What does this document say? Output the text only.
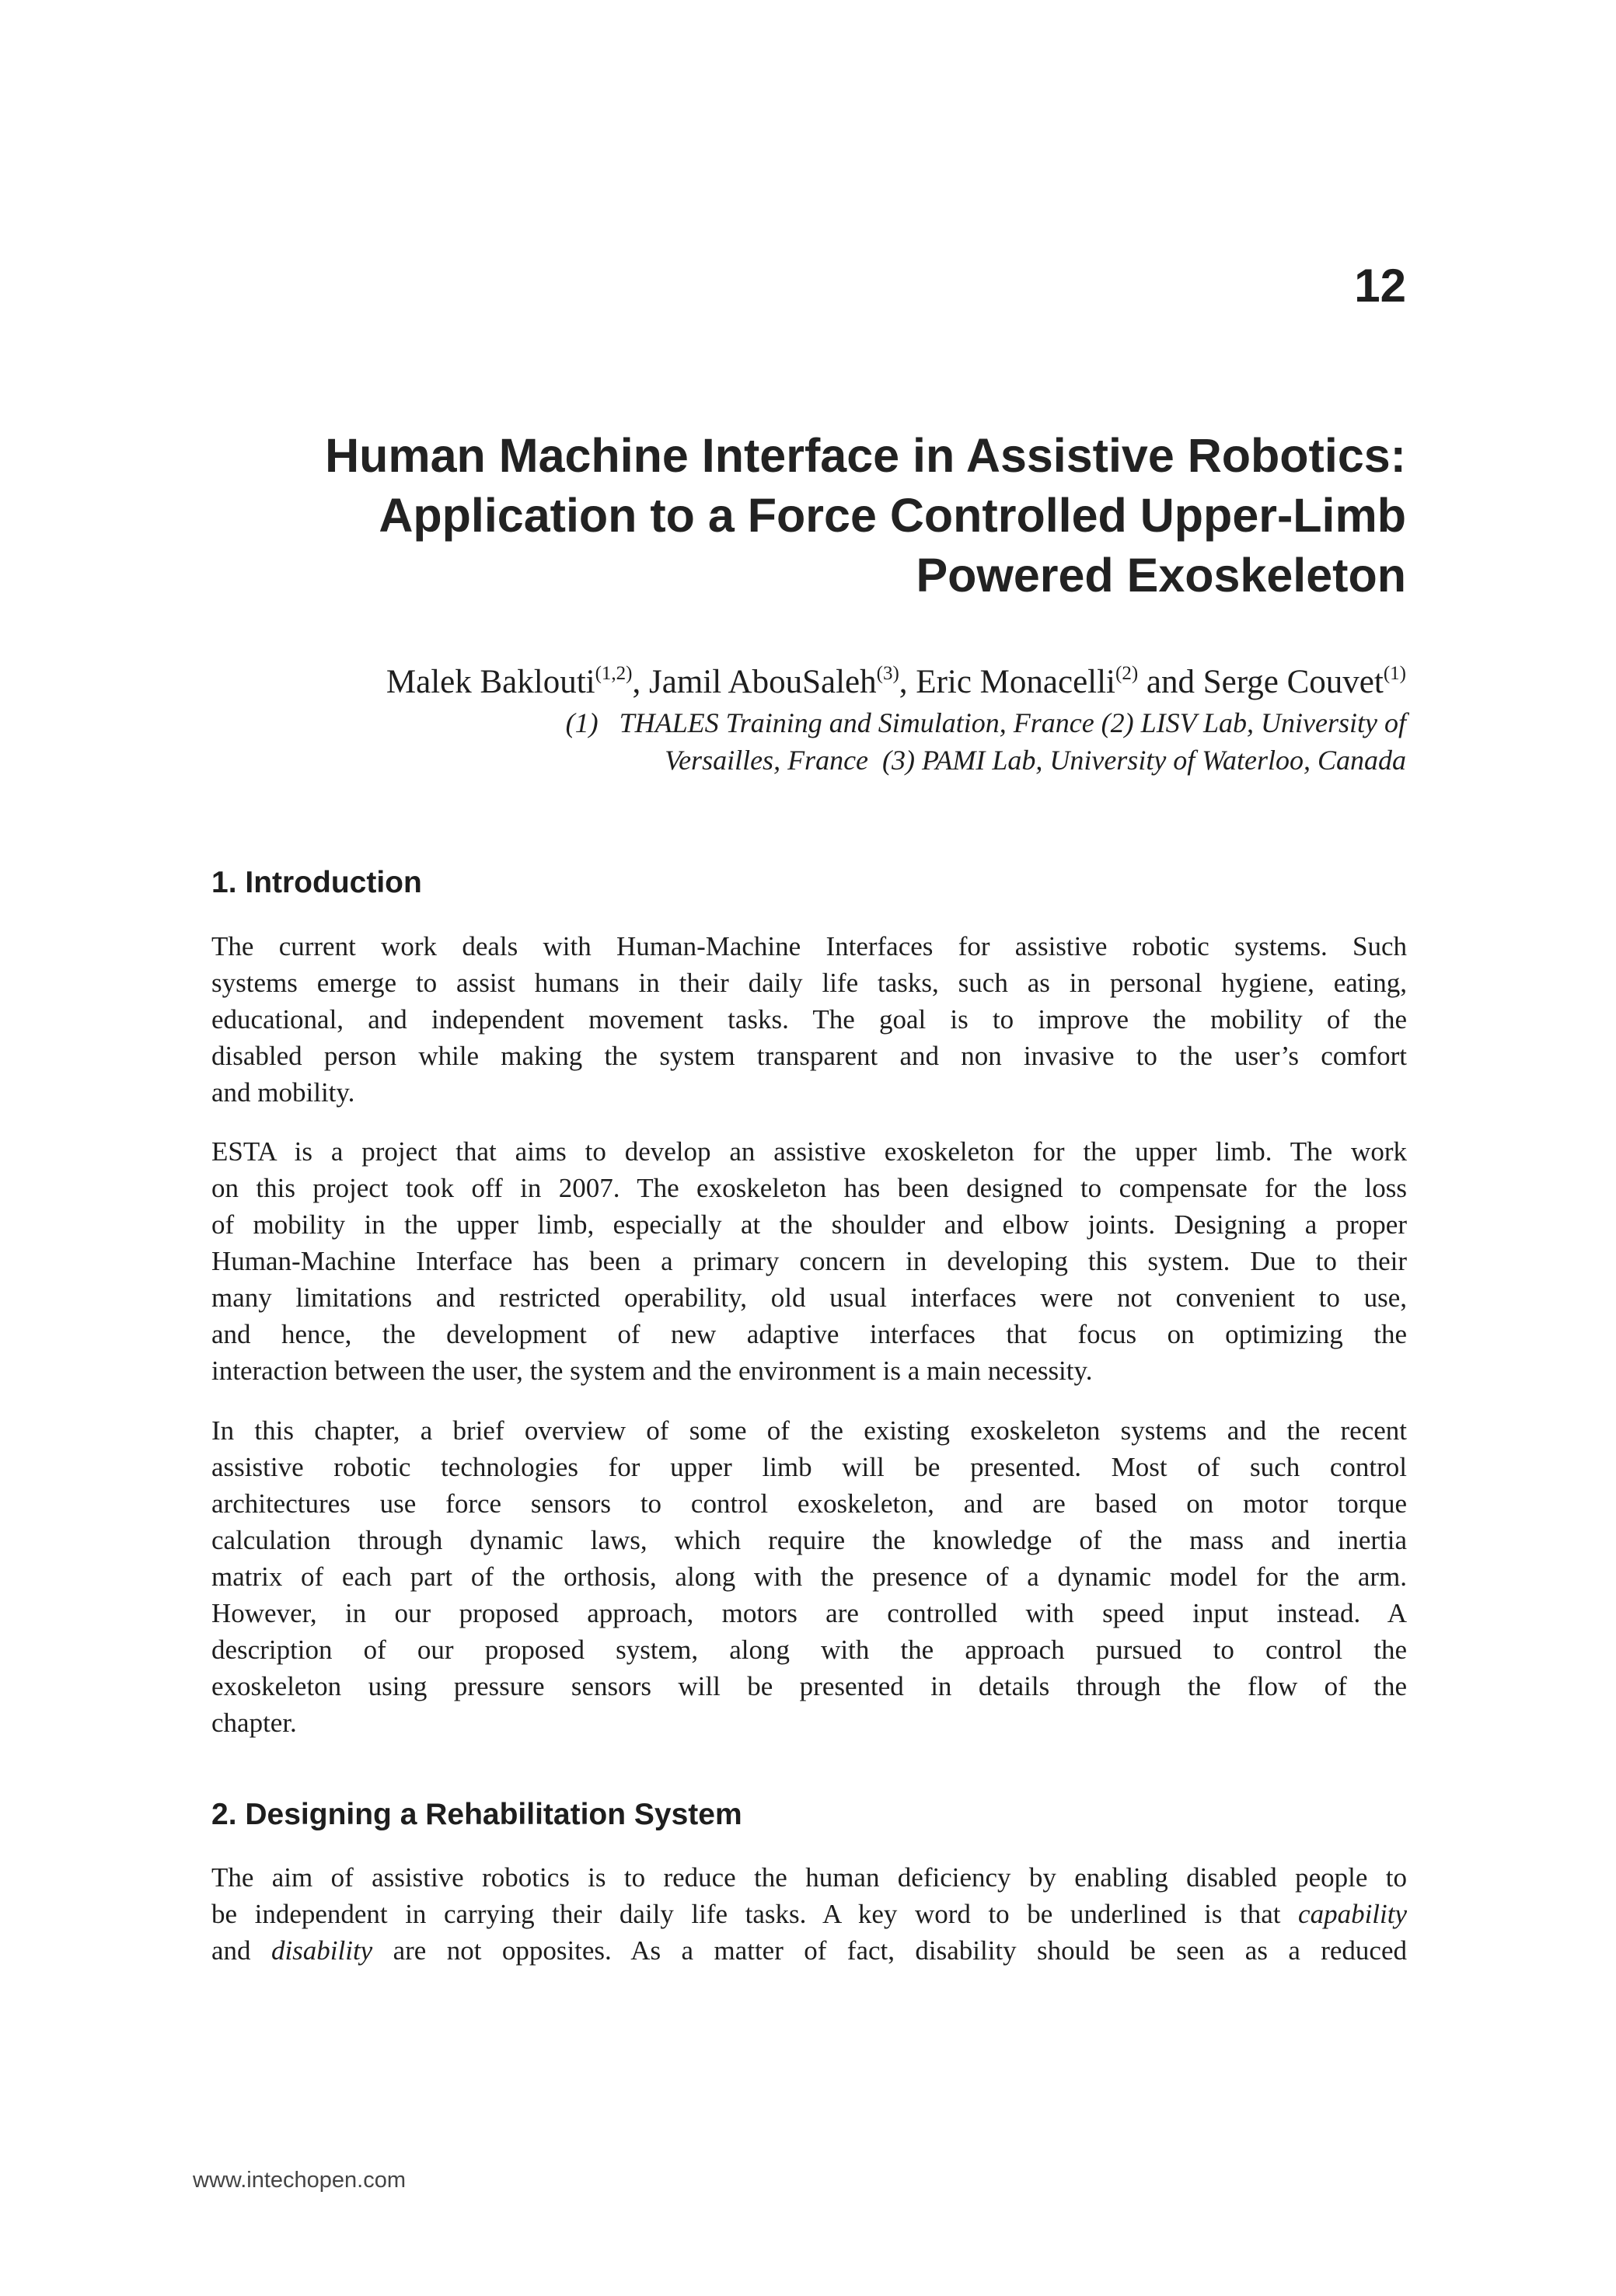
12
Human Machine Interface in Assistive Robotics:
Application to a Force Controlled Upper-Limb
Powered Exoskeleton
Malek Baklouti$^{(1,2)}$, Jamil AbouSaleh$^{(3)}$, Eric Monacelli$^{(2)}$ and Serge Couvet$^{(1)}$
(1)   THALES Training and Simulation, France (2) LISV Lab, University of
Versailles, France  (3) PAMI Lab, University of Waterloo, Canada
1. Introduction
The current work deals with Human-Machine Interfaces for assistive robotic systems. Such
systems emerge to assist humans in their daily life tasks, such as in personal hygiene, eating,
educational, and independent movement tasks. The goal is to improve the mobility of the
disabled person while making the system transparent and non invasive to the user’s comfort
and mobility.
ESTA is a project that aims to develop an assistive exoskeleton for the upper limb. The work
on this project took off in 2007. The exoskeleton has been designed to compensate for the loss
of mobility in the upper limb, especially at the shoulder and elbow joints. Designing a proper
Human-Machine Interface has been a primary concern in developing this system. Due to their
many limitations and restricted operability, old usual interfaces were not convenient to use,
and hence, the development of new adaptive interfaces that focus on optimizing the
interaction between the user, the system and the environment is a main necessity.
In this chapter, a brief overview of some of the existing exoskeleton systems and the recent
assistive robotic technologies for upper limb will be presented. Most of such control
architectures use force sensors to control exoskeleton, and are based on motor torque
calculation through dynamic laws, which require the knowledge of the mass and inertia
matrix of each part of the orthosis, along with the presence of a dynamic model for the arm.
However, in our proposed approach, motors are controlled with speed input instead. A
description of our proposed system, along with the approach pursued to control the
exoskeleton using pressure sensors will be presented in details through the flow of the
chapter.
2. Designing a Rehabilitation System
The aim of assistive robotics is to reduce the human deficiency by enabling disabled people to
be independent in carrying their daily life tasks. A key word to be underlined is that capability
and disability are not opposites. As a matter of fact, disability should be seen as a reduced
www.intechopen.com
